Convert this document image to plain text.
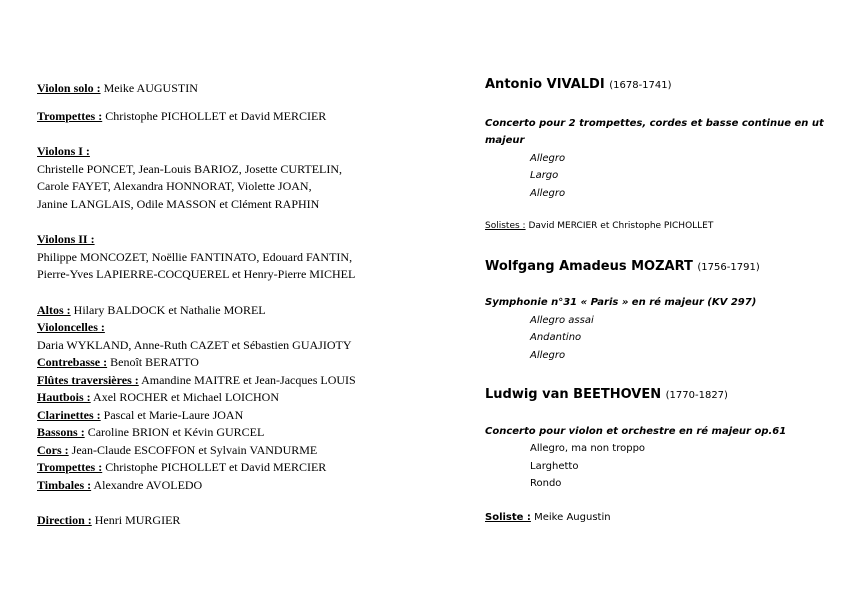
Violon solo : Meike AUGUSTIN

Trompettes : Christophe PICHOLLET et David MERCIER

Violons I :

Christelle PONCET, Jean-Louis BARIOZ, Josette CURTELIN,

Carole FAYET, Alexandra HONNORAT, Violette JOAN,

Janine LANGLAIS, Odile MASSON et Clément RAPHIN

Violons II :

Philippe MONCOZET, Noëllie FANTINATO, Edouard FANTIN,

Pierre-Yves LAPIERRE-COCQUEREL et Henry-Pierre MICHEL

Altos : Hilary BALDOCK et Nathalie MOREL

Violoncelles :

Daria WYKLAND, Anne-Ruth CAZET et Sébastien GUAJIOTY

Contrebasse : Benoît BERATTO

Flûtes traversières : Amandine MAITRE et Jean-Jacques LOUIS

Hautbois : Axel ROCHER et Michael LOICHON

Clarinettes : Pascal et Marie-Laure JOAN

Bassons : Caroline BRION et Kévin GURCEL

Cors : Jean-Claude ESCOFFON et Sylvain VANDURME

Trompettes : Christophe PICHOLLET et David MERCIER

Timbales : Alexandre AVOLEDO

Direction : Henri MURGIER

Antonio VIVALDI (1678-1741)

Concerto pour 2 trompettes, cordes et basse continue en ut majeur

Allegro

Largo

Allegro

Solistes : David MERCIER et Christophe PICHOLLET

Wolfgang Amadeus MOZART (1756-1791)

Symphonie n°31 « Paris » en ré majeur (KV 297)

Allegro assai

Andantino

Allegro

Ludwig van BEETHOVEN (1770-1827)

Concerto pour violon et orchestre en ré majeur op.61

Allegro, ma non troppo

Larghetto

Rondo

Soliste : Meike Augustin
